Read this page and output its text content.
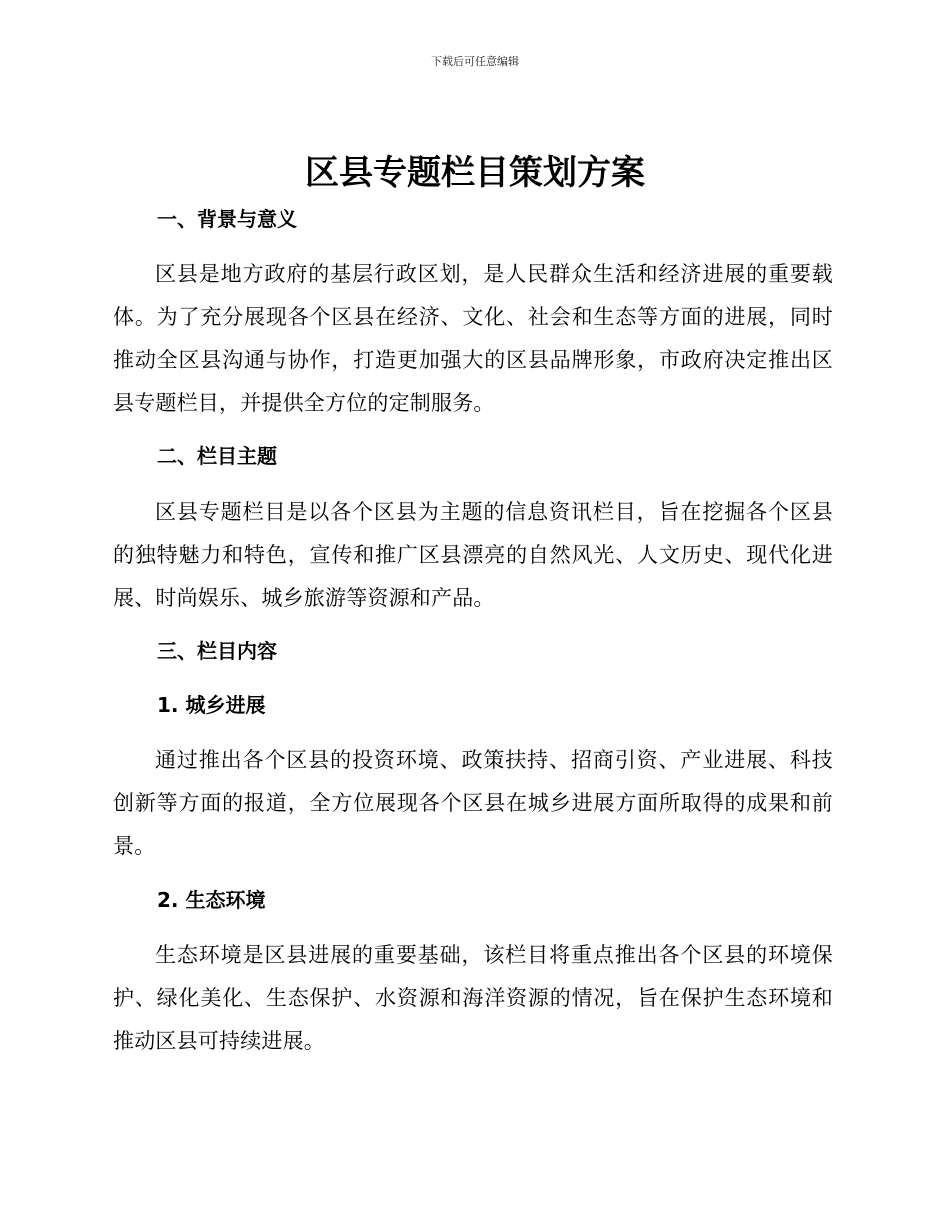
下载后可任意编辑
区县专题栏目策划方案
一、背景与意义

区县是地方政府的基层行政区划，是人民群众生活和经济进展的重要载体。为了充分展现各个区县在经济、文化、社会和生态等方面的进展，同时推动全区县沟通与协作，打造更加强大的区县品牌形象，市政府决定推出区县专题栏目，并提供全方位的定制服务。

二、栏目主题

区县专题栏目是以各个区县为主题的信息资讯栏目，旨在挖掘各个区县的独特魅力和特色，宣传和推广区县漂亮的自然风光、人文历史、现代化进展、时尚娱乐、城乡旅游等资源和产品。

三、栏目内容
1. 城乡进展

通过推出各个区县的投资环境、政策扶持、招商引资、产业进展、科技创新等方面的报道，全方位展现各个区县在城乡进展方面所取得的成果和前景。

2. 生态环境

生态环境是区县进展的重要基础，该栏目将重点推出各个区县的环境保护、绿化美化、生态保护、水资源和海洋资源的情况，旨在保护生态环境和推动区县可持续进展。
